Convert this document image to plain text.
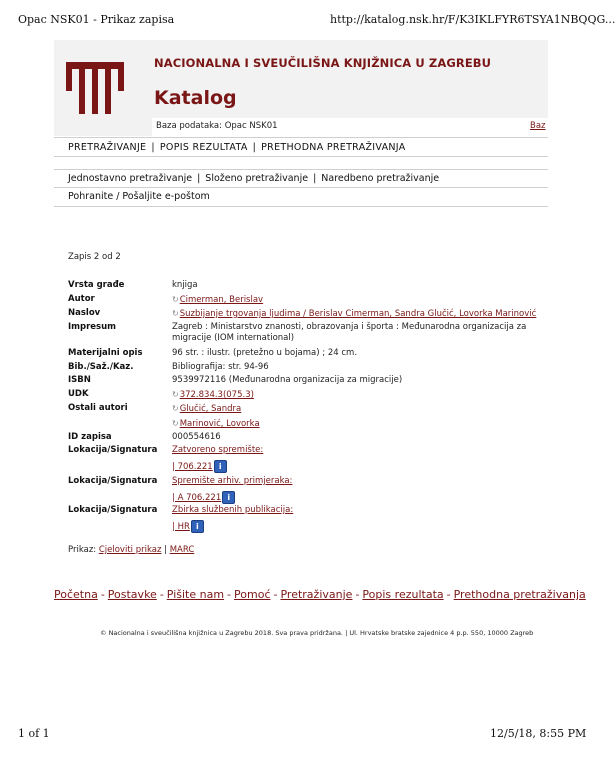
Opac NSK01 - Prikaz zapisa	http://katalog.nsk.hr/F/K3IKLFYR6TSYA1NBQQG...
NACIONALNA I SVEUČILIŠNA KNJIŽNICA U ZAGREBU
Katalog
Baza podataka: Opac NSK01	Baz
PRETRAŽIVANJE | POPIS REZULTATA | PRETHODNA PRETRAŽIVANJA
Jednostavno pretraživanje | Složeno pretraživanje | Naredbeno pretraživanje
Pohranite / Pošaljite e-poštom
Zapis 2 od 2
Vrsta građe	knjiga
Autor	↻Cimerman, Berislav
Naslov	↻Suzbijanje trgovanja ljudima / Berislav Cimerman, Sandra Glučić, Lovorka Marinović
Impresum	Zagreb : Ministarstvo znanosti, obrazovanja i športa : Međunarodna organizacija za migracije (IOM international)
Materijalni opis	96 str. : ilustr. (pretežno u bojama) ; 24 cm.
Bib./Saž./Kaz.	Bibliografija: str. 94-96
ISBN	9539972116 (Međunarodna organizacija za migracije)
UDK	↻372.834.3(075.3)
Ostali autori	↻Glučić, Sandra
↻Marinović, Lovorka
ID zapisa	000554616
Lokacija/Signatura	Zatvoreno spremište:
| 706.221 i
Lokacija/Signatura	Spremište arhiv. primjeraka:
| A 706.221 i
Lokacija/Signatura	Zbirka službenih publikacija:
| HR i
Prikaz: Cjeloviti prikaz | MARC
Početna - Postavke - Pišite nam - Pomoć - Pretraživanje - Popis rezultata - Prethodna pretraživanja
© Nacionalna i sveučilišna knjižnica u Zagrebu 2018. Sva prava pridržana. | Ul. Hrvatske bratske zajednice 4 p.p. 550, 10000 Zagreb
1 of 1	12/5/18, 8:55 PM
